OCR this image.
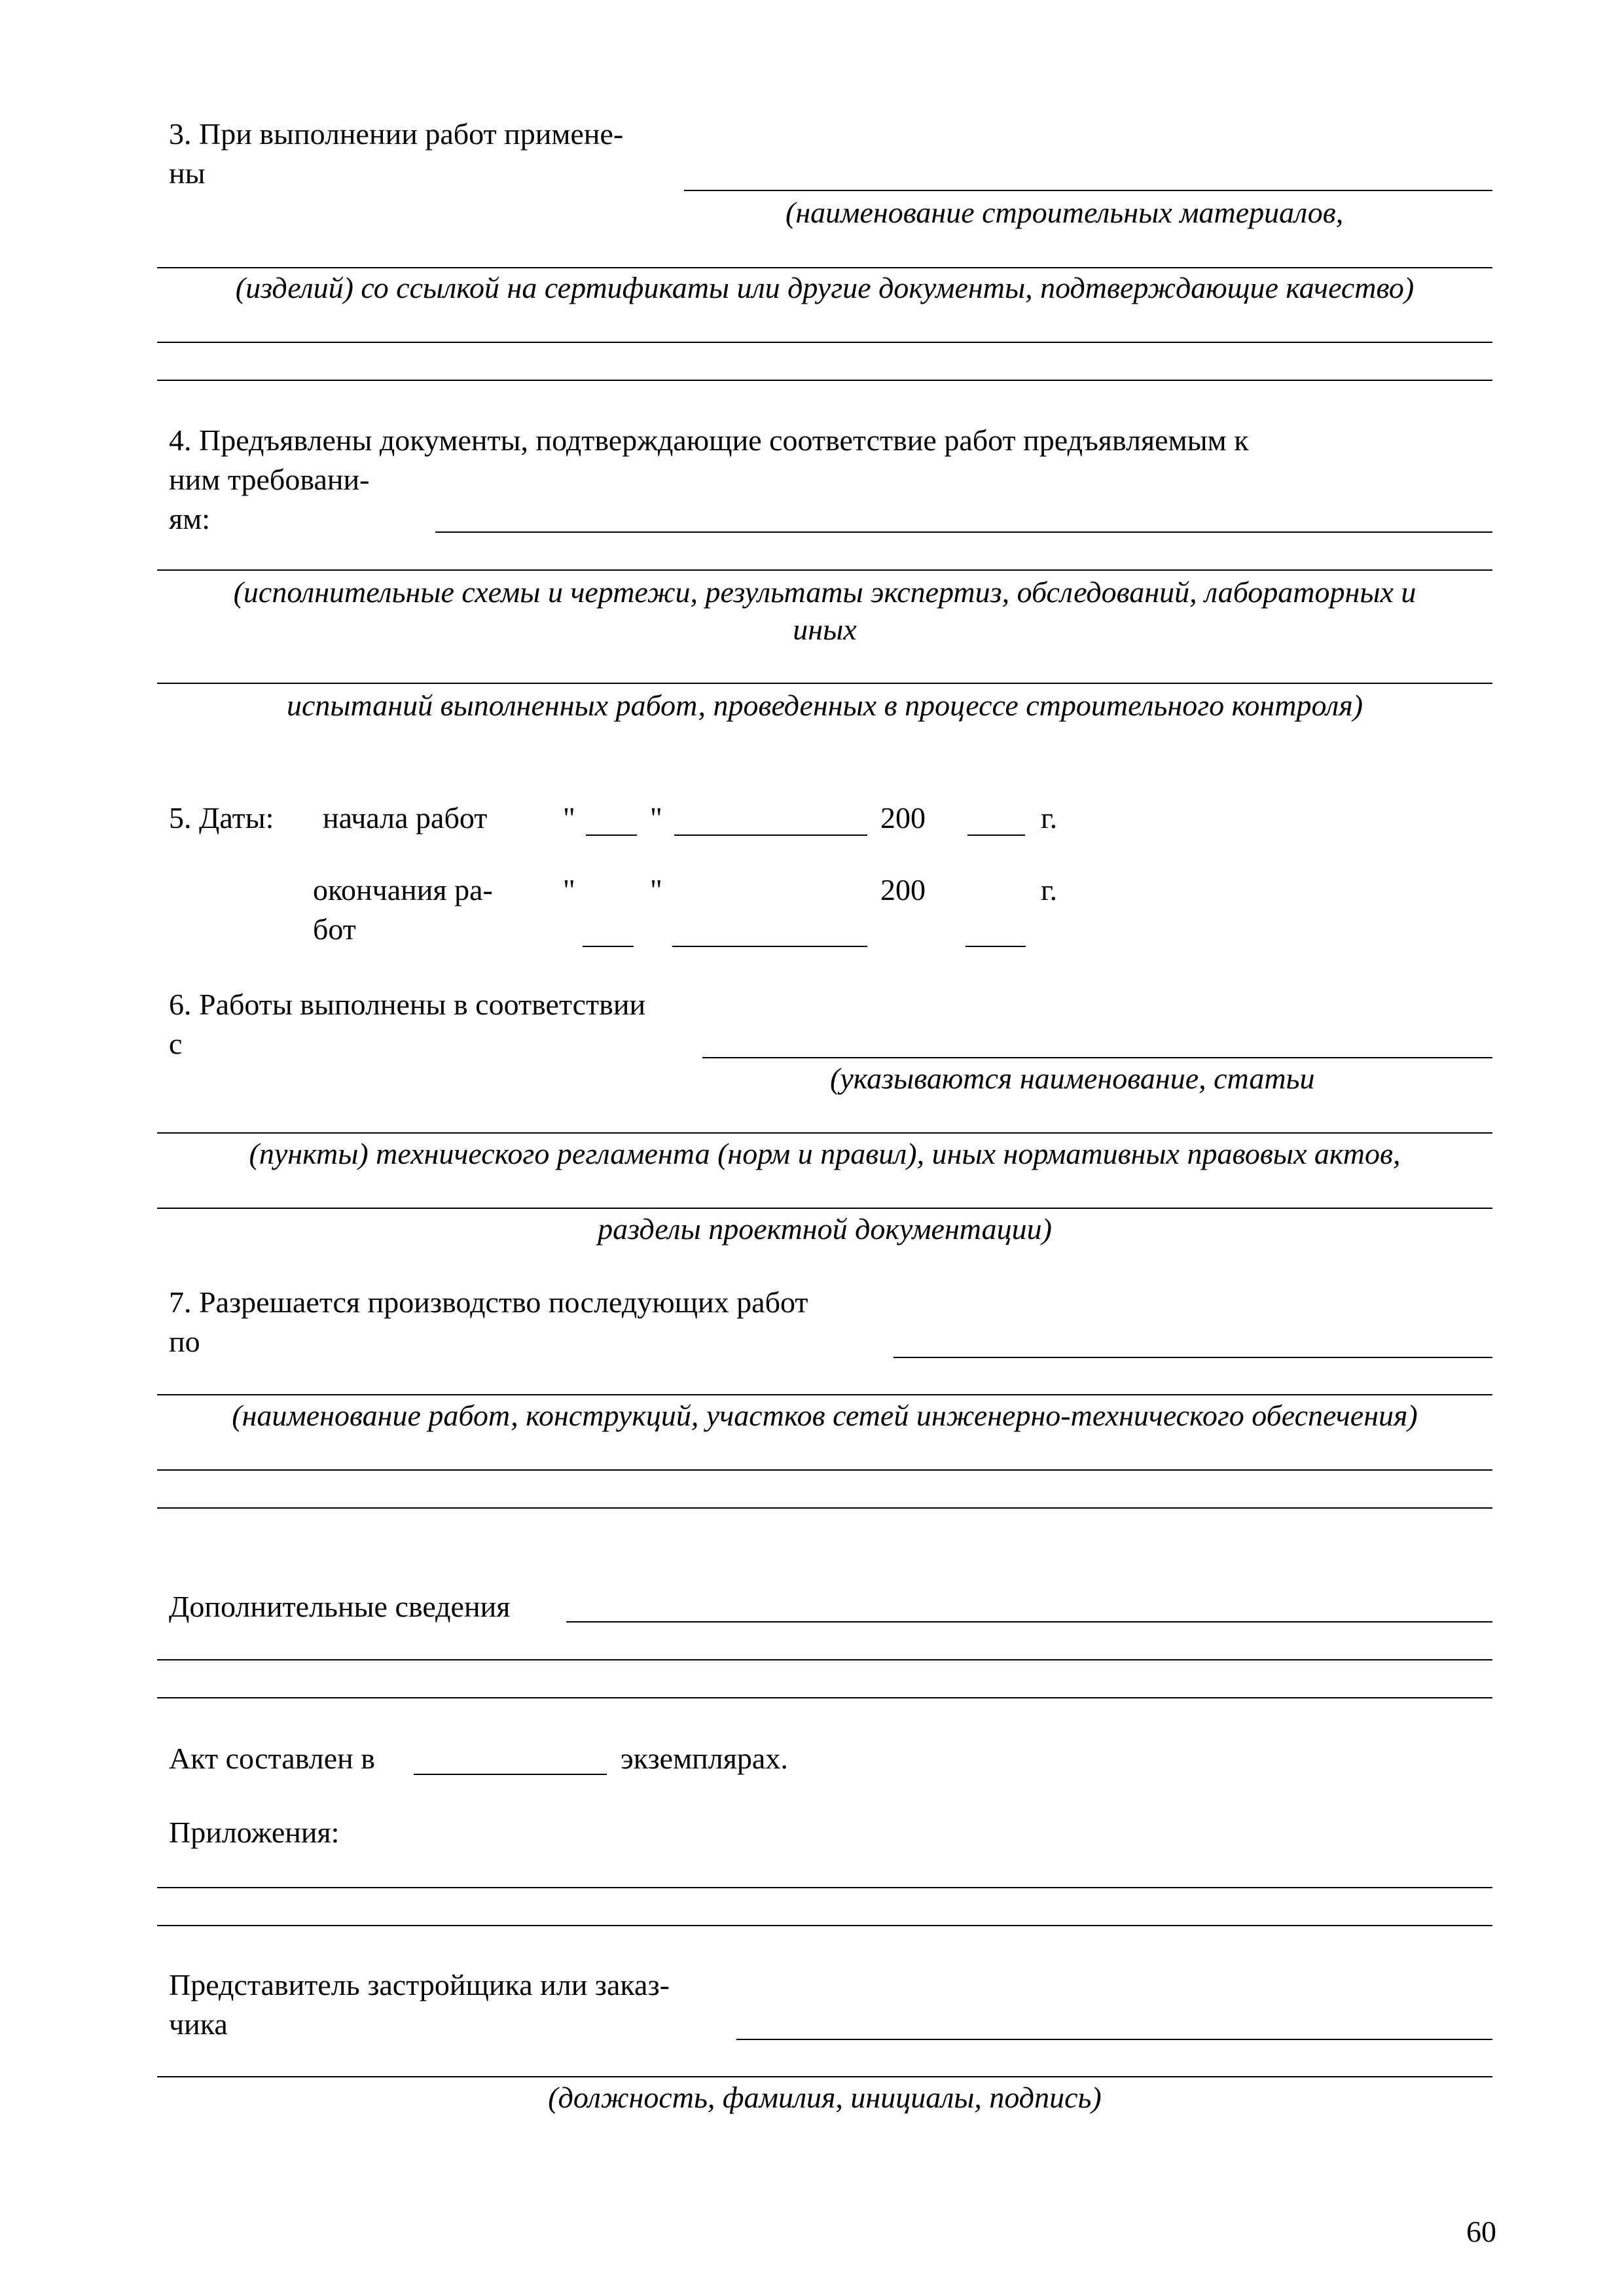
3. При выполнении работ примене-
ны
(наименование строительных материалов,
(изделий) со ссылкой на сертификаты или другие документы, подтверждающие качество)
4. Предъявлены документы, подтверждающие соответствие работ предъявляемым к
ним требовани-
ям:
(исполнительные схемы и чертежи, результаты экспертиз, обследований, лабораторных и
иных
испытаний выполненных работ, проведенных в процессе строительного контроля)
5. Даты: начала работ	" "	200	г.
окончания ра-
бот
" "	200	г.
6. Работы выполнены в соответствии
с
(указываются наименование, статьи
(пункты) технического регламента (норм и правил), иных нормативных правовых актов,
разделы проектной документации)
7. Разрешается производство последующих работ
по
(наименование работ, конструкций, участков сетей инженерно-технического обеспечения)
Дополнительные сведения
Акт составлен в	экземплярах.
Приложения:
Представитель застройщика или заказ-
чика
(должность, фамилия, инициалы, подпись)
60
